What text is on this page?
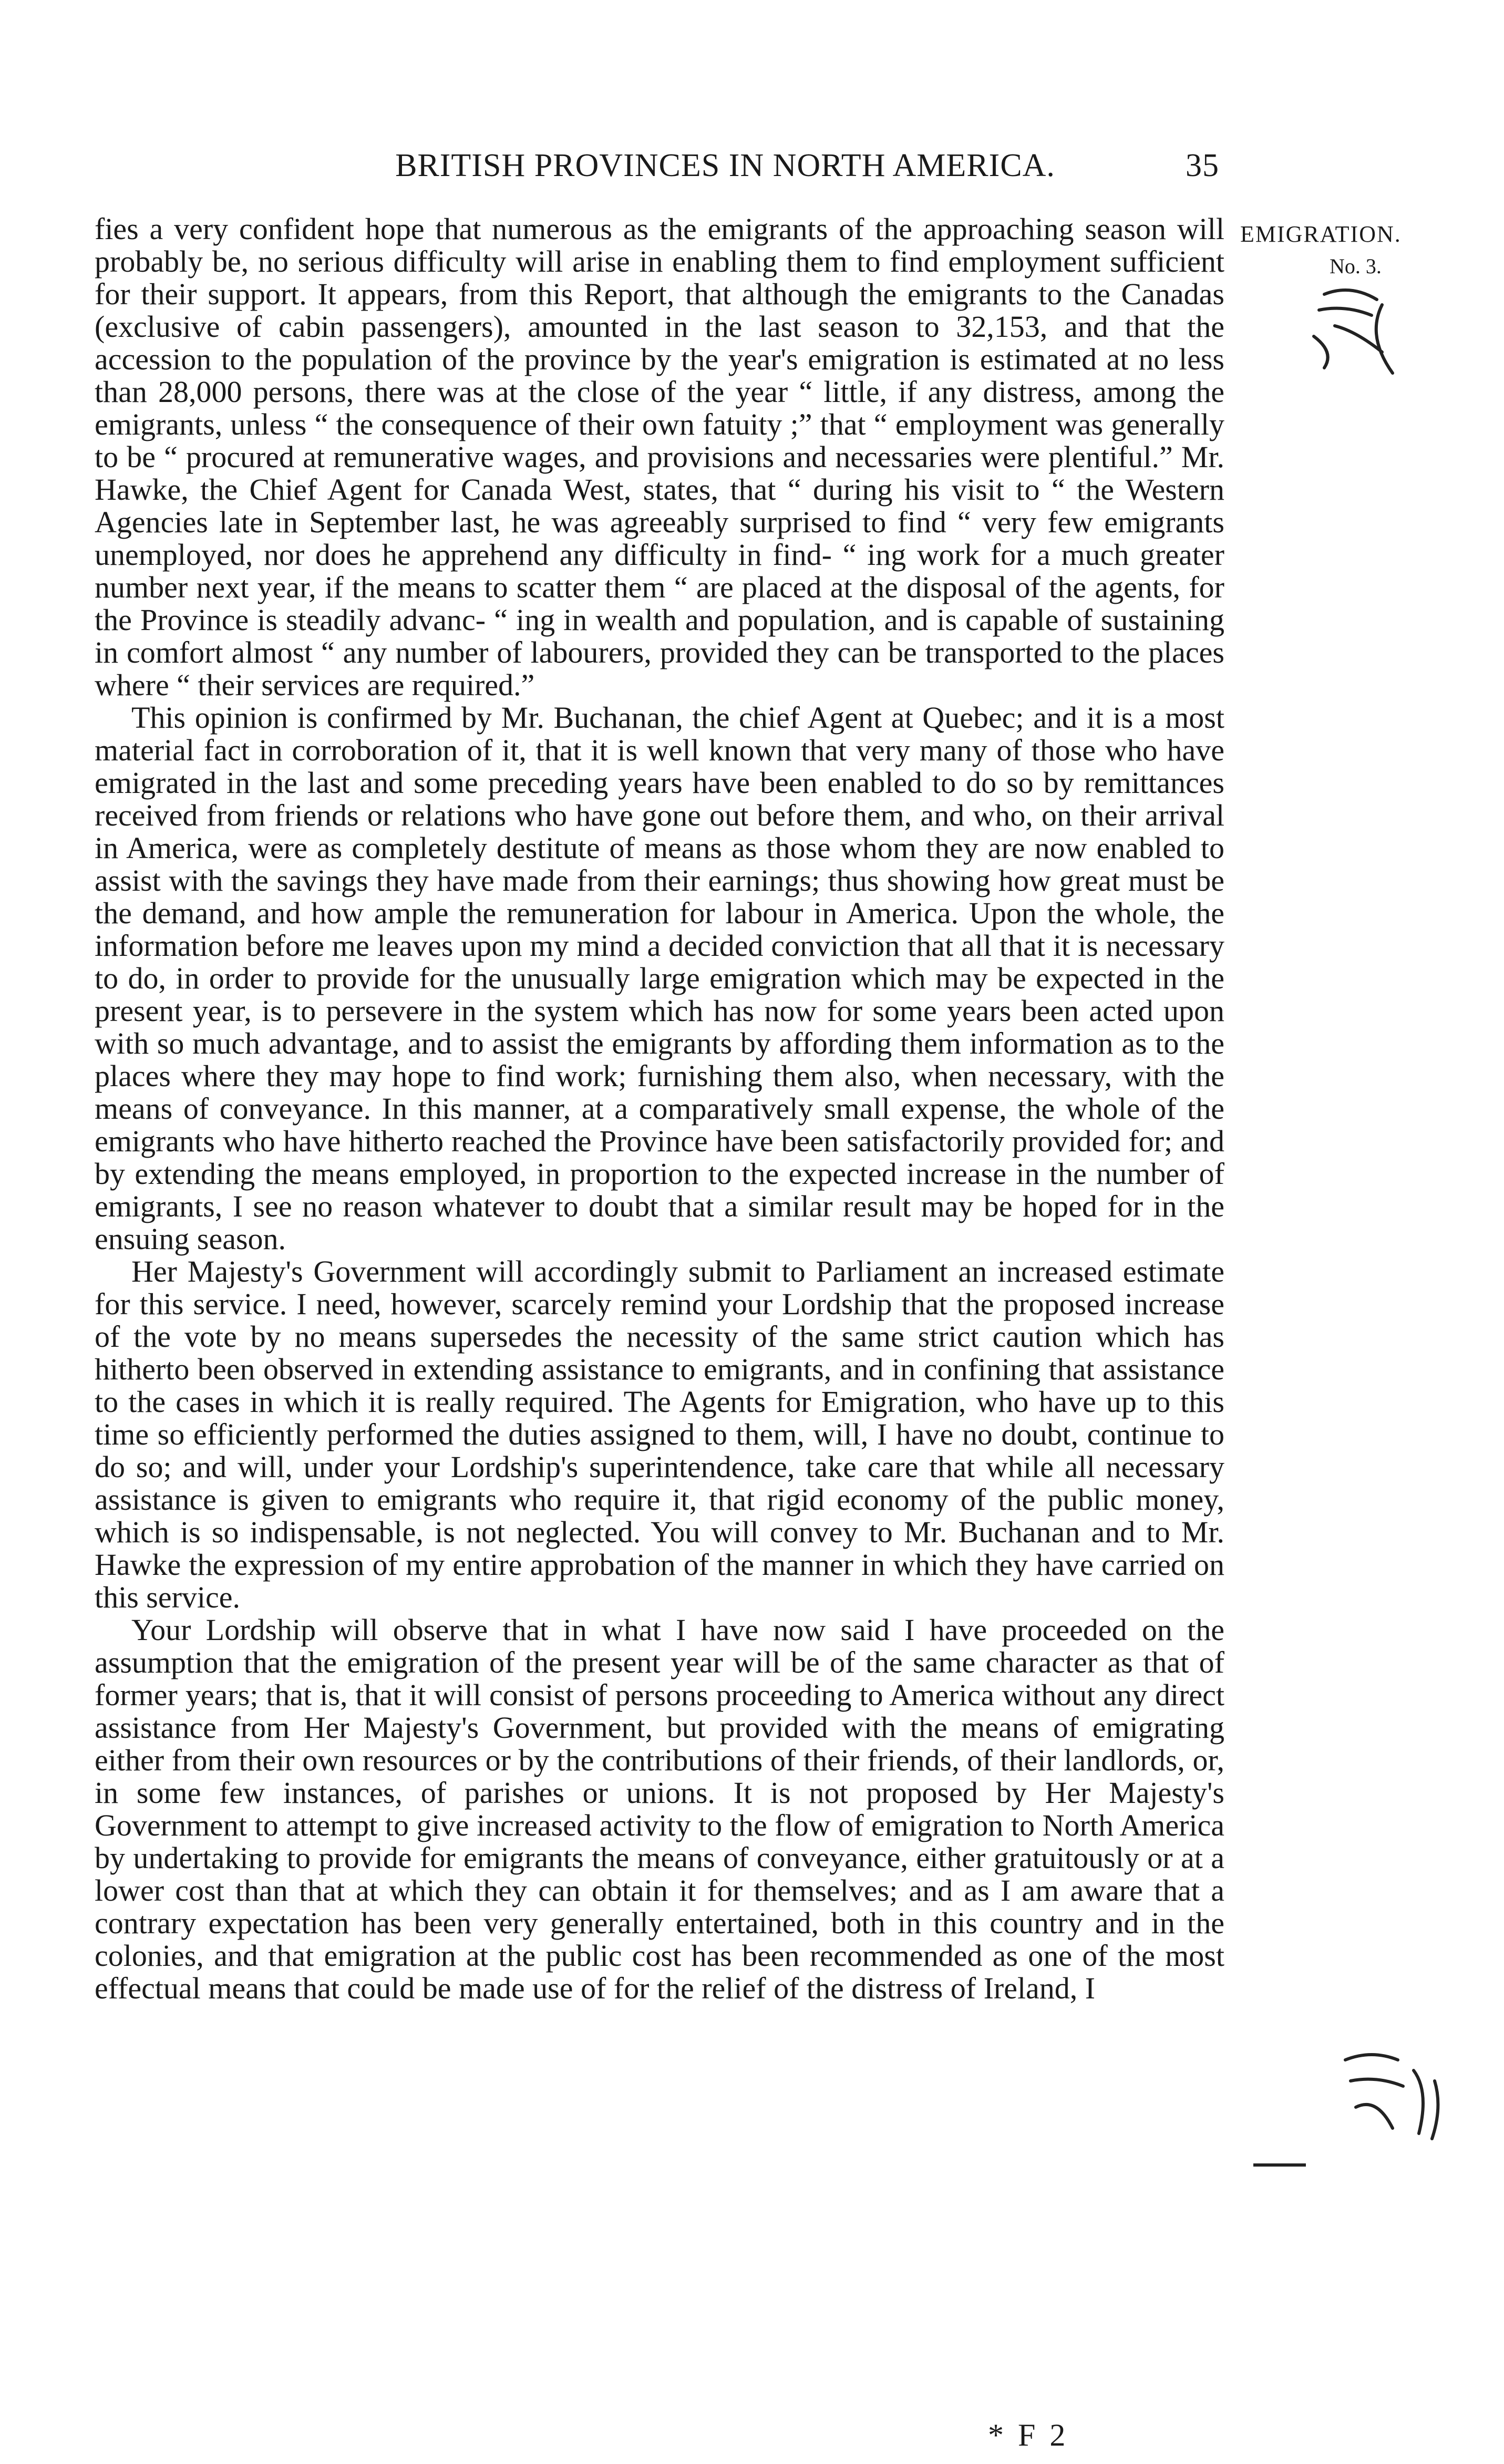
BRITISH PROVINCES IN NORTH AMERICA.	35
EMIGRATION.
No. 3.

fies a very confident hope that numerous as the emigrants of the approaching season will probably be, no serious difficulty will arise in enabling them to find employment sufficient for their support. It appears, from this Report, that although the emigrants to the Canadas (exclusive of cabin passengers), amounted in the last season to 32,153, and that the accession to the population of the province by the year's emigration is estimated at no less than 28,000 persons, there was at the close of the year “ little, if any distress, among the emigrants, unless “ the consequence of their own fatuity ;” that “ employment was generally to be “ procured at remunerative wages, and provisions and necessaries were plentiful.” Mr. Hawke, the Chief Agent for Canada West, states, that “ during his visit to “ the Western Agencies late in September last, he was agreeably surprised to find “ very few emigrants unemployed, nor does he apprehend any difficulty in find- “ ing work for a much greater number next year, if the means to scatter them “ are placed at the disposal of the agents, for the Province is steadily advanc- “ ing in wealth and population, and is capable of sustaining in comfort almost “ any number of labourers, provided they can be transported to the places where “ their services are required.”

This opinion is confirmed by Mr. Buchanan, the chief Agent at Quebec; and it is a most material fact in corroboration of it, that it is well known that very many of those who have emigrated in the last and some preceding years have been enabled to do so by remittances received from friends or relations who have gone out before them, and who, on their arrival in America, were as completely destitute of means as those whom they are now enabled to assist with the savings they have made from their earnings; thus showing how great must be the demand, and how ample the remuneration for labour in America. Upon the whole, the information before me leaves upon my mind a decided conviction that all that it is necessary to do, in order to provide for the unusually large emigration which may be expected in the present year, is to persevere in the system which has now for some years been acted upon with so much advantage, and to assist the emigrants by affording them information as to the places where they may hope to find work; furnishing them also, when necessary, with the means of conveyance. In this manner, at a comparatively small expense, the whole of the emigrants who have hitherto reached the Province have been satisfactorily provided for; and by extending the means employed, in proportion to the expected increase in the number of emigrants, I see no reason whatever to doubt that a similar result may be hoped for in the ensuing season.

Her Majesty's Government will accordingly submit to Parliament an increased estimate for this service. I need, however, scarcely remind your Lordship that the proposed increase of the vote by no means supersedes the necessity of the same strict caution which has hitherto been observed in extending assistance to emigrants, and in confining that assistance to the cases in which it is really required. The Agents for Emigration, who have up to this time so efficiently performed the duties assigned to them, will, I have no doubt, continue to do so; and will, under your Lordship's superintendence, take care that while all necessary assistance is given to emigrants who require it, that rigid economy of the public money, which is so indispensable, is not neglected. You will convey to Mr. Buchanan and to Mr. Hawke the expression of my entire approbation of the manner in which they have carried on this service.

Your Lordship will observe that in what I have now said I have proceeded on the assumption that the emigration of the present year will be of the same character as that of former years; that is, that it will consist of persons proceeding to America without any direct assistance from Her Majesty's Government, but provided with the means of emigrating either from their own resources or by the contributions of their friends, of their landlords, or, in some few instances, of parishes or unions. It is not proposed by Her Majesty's Government to attempt to give increased activity to the flow of emigration to North America by undertaking to provide for emigrants the means of conveyance, either gratuitously or at a lower cost than that at which they can obtain it for themselves; and as I am aware that a contrary expectation has been very generally entertained, both in this country and in the colonies, and that emigration at the public cost has been recommended as one of the most effectual means that could be made use of for the relief of the distress of Ireland, I

* F 2
